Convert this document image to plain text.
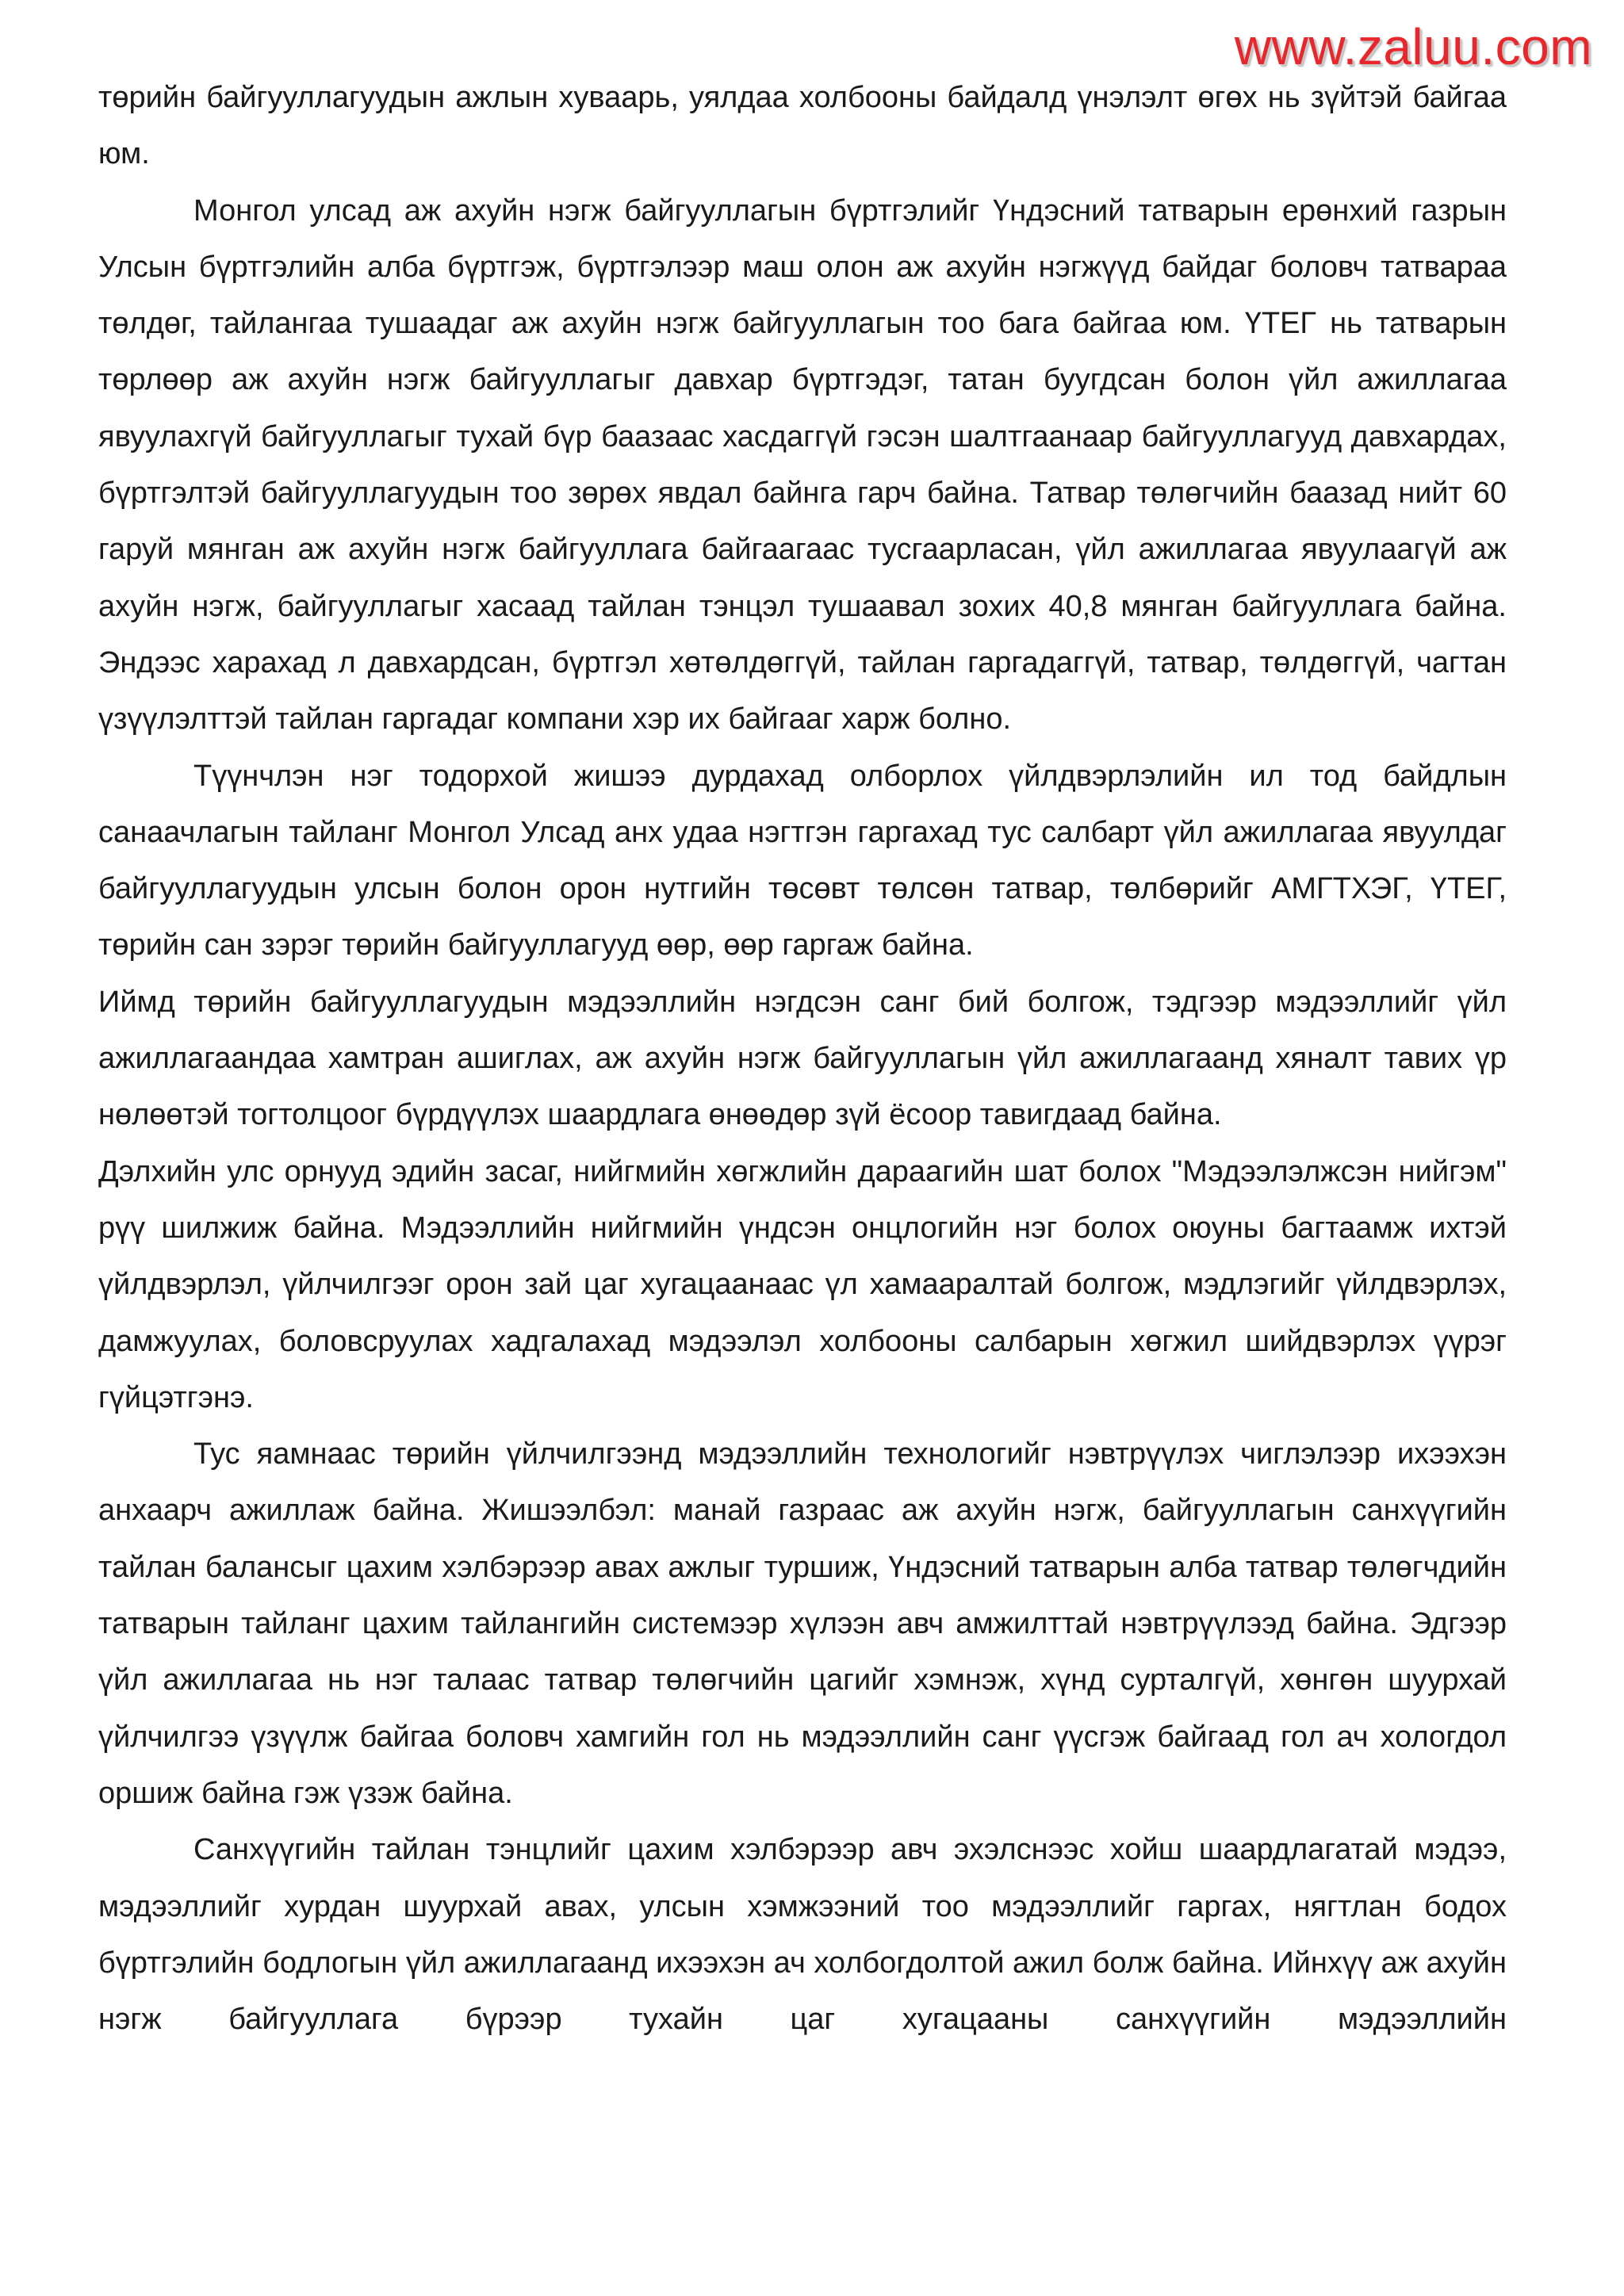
www.zaluu.com

төрийн байгууллагуудын ажлын хуваарь, уялдаа холбооны байдалд үнэлэлт өгөх нь зүйтэй байгаа юм.

Монгол улсад аж ахуйн нэгж байгууллагын бүртгэлийг Үндэсний татварын ерөнхий газрын Улсын бүртгэлийн алба бүртгэж, бүртгэлээр маш олон аж ахуйн нэгжүүд байдаг боловч татвараа төлдөг, тайлангаа тушаадаг аж ахуйн нэгж байгууллагын тоо бага байгаа юм. ҮТЕГ нь татварын төрлөөр аж ахуйн нэгж байгууллагыг давхар бүртгэдэг, татан буугдсан болон үйл ажиллагаа явуулахгүй байгууллагыг тухай бүр баазаас хасдаггүй гэсэн шалтгаанаар байгууллагууд давхардах, бүртгэлтэй байгууллагуудын тоо зөрөх явдал байнга гарч байна. Татвар төлөгчийн баазад нийт 60 гаруй мянган аж ахуйн нэгж байгууллага байгаагаас тусгаарласан, үйл ажиллагаа явуулаагүй аж ахуйн нэгж, байгууллагыг хасаад тайлан тэнцэл тушаавал зохих 40,8 мянган байгууллага байна. Эндээс харахад л давхардсан, бүртгэл хөтөлдөггүй, тайлан гаргадаггүй, татвар, төлдөггүй, чагтан үзүүлэлттэй тайлан гаргадаг компани хэр их байгааг харж болно.

Түүнчлэн нэг тодорхой жишээ дурдахад олборлох үйлдвэрлэлийн ил тод байдлын санаачлагын тайланг Монгол Улсад анх удаа нэгтгэн гаргахад тус салбарт үйл ажиллагаа явуулдаг байгууллагуудын улсын болон орон нутгийн төсөвт төлсөн татвар, төлбөрийг АМГТХЭГ, ҮТЕГ, төрийн сан зэрэг төрийн байгууллагууд өөр, өөр гаргаж байна.

Иймд төрийн байгууллагуудын мэдээллийн нэгдсэн санг бий болгож, тэдгээр мэдээллийг үйл ажиллагаандаа хамтран ашиглах, аж ахуйн нэгж байгууллагын үйл ажиллагаанд хяналт тавих үр нөлөөтэй тогтолцоог бүрдүүлэх шаардлага өнөөдөр зүй ёсоор тавигдаад байна.

Дэлхийн улс орнууд эдийн засаг, нийгмийн хөгжлийн дараагийн шат болох "Мэдээлэлжсэн нийгэм" рүү шилжиж байна. Мэдээллийн нийгмийн үндсэн онцлогийн нэг болох оюуны багтаамж ихтэй үйлдвэрлэл, үйлчилгээг орон зай цаг хугацаанаас үл хамааралтай болгож, мэдлэгийг үйлдвэрлэх, дамжуулах, боловсруулах хадгалахад мэдээлэл холбооны салбарын хөгжил шийдвэрлэх үүрэг гүйцэтгэнэ.

Тус яамнаас төрийн үйлчилгээнд мэдээллийн технологийг нэвтрүүлэх чиглэлээр ихээхэн анхаарч ажиллаж байна. Жишээлбэл: манай газраас аж ахуйн нэгж, байгууллагын санхүүгийн тайлан балансыг цахим хэлбэрээр авах ажлыг туршиж, Үндэсний татварын алба татвар төлөгчдийн татварын тайланг цахим тайлангийн системээр хүлээн авч амжилттай нэвтрүүлээд байна. Эдгээр үйл ажиллагаа нь нэг талаас татвар төлөгчийн цагийг хэмнэж, хүнд сурталгүй, хөнгөн шуурхай үйлчилгээ үзүүлж байгаа боловч хамгийн гол нь мэдээллийн санг үүсгэж байгаад гол ач хологдол оршиж байна гэж үзэж байна.

Санхүүгийн тайлан тэнцлийг цахим хэлбэрээр авч эхэлснээс хойш шаардлагатай мэдээ, мэдээллийг хурдан шуурхай авах, улсын хэмжээний тоо мэдээллийг гаргах, нягтлан бодох бүртгэлийн бодлогын үйл ажиллагаанд ихээхэн ач холбогдолтой ажил болж байна. Ийнхүү аж ахуйн нэгж байгууллага бүрээр тухайн цаг хугацааны санхүүгийн мэдээллийн
